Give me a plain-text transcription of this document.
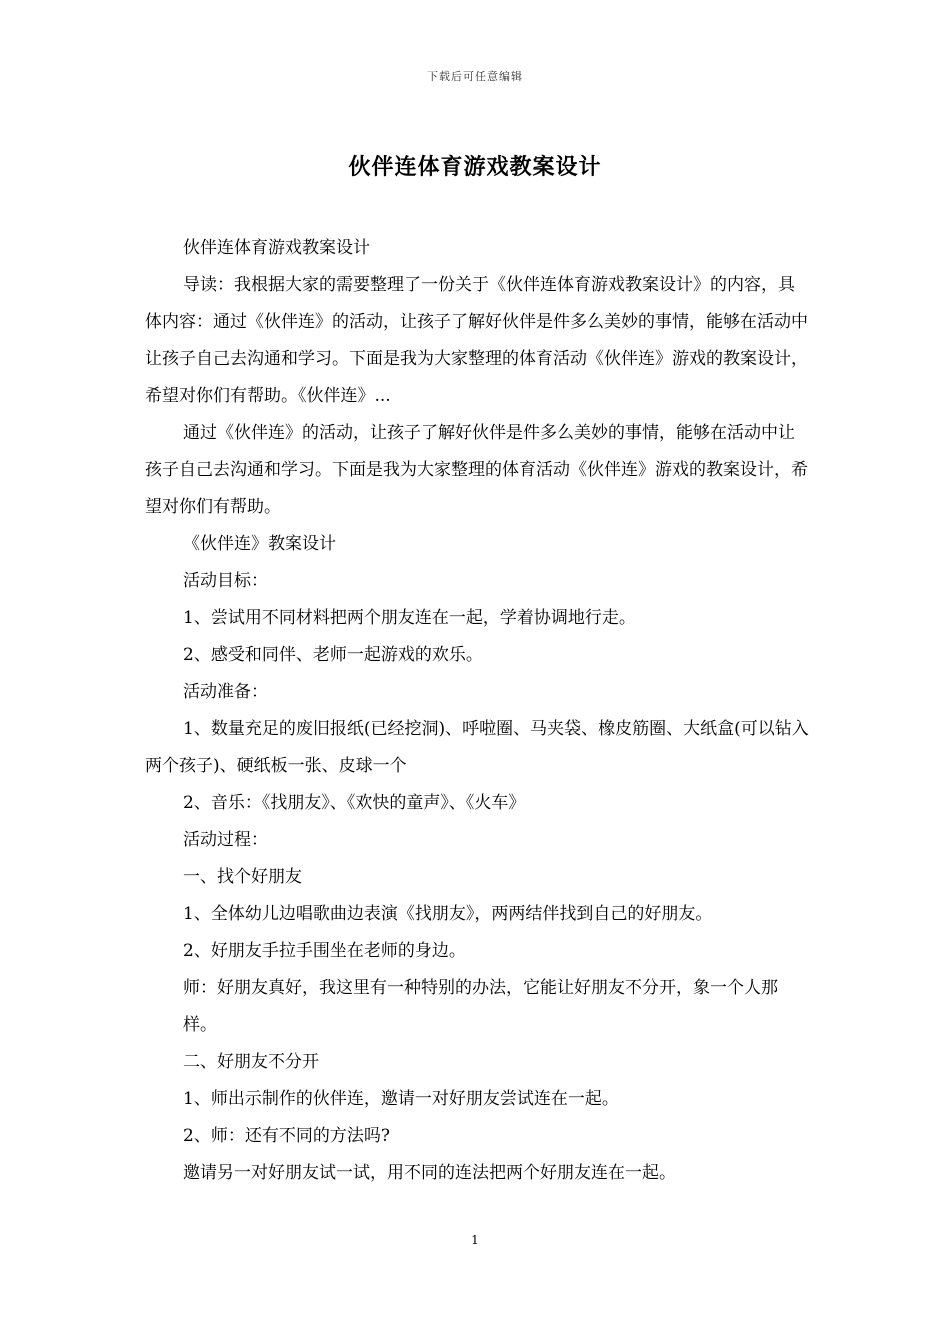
下载后可任意编辑
伙伴连体育游戏教案设计

伙伴连体育游戏教案设计

导读：我根据大家的需要整理了一份关于《伙伴连体育游戏教案设计》的内容，具体内容：通过《伙伴连》的活动，让孩子了解好伙伴是件多么美妙的事情，能够在活动中让孩子自己去沟通和学习。下面是我为大家整理的体育活动《伙伴连》游戏的教案设计，希望对你们有帮助。《伙伴连》...

通过《伙伴连》的活动，让孩子了解好伙伴是件多么美妙的事情，能够在活动中让孩子自己去沟通和学习。下面是我为大家整理的体育活动《伙伴连》游戏的教案设计，希望对你们有帮助。

《伙伴连》教案设计

活动目标：

1、尝试用不同材料把两个朋友连在一起，学着协调地行走。

2、感受和同伴、老师一起游戏的欢乐。

活动准备：

1、数量充足的废旧报纸(已经挖洞)、呼啦圈、马夹袋、橡皮筋圈、大纸盒(可以钻入两个孩子)、硬纸板一张、皮球一个

2、音乐：《找朋友》、《欢快的童声》、《火车》

活动过程：

一、找个好朋友

1、全体幼儿边唱歌曲边表演《找朋友》，两两结伴找到自己的好朋友。

2、好朋友手拉手围坐在老师的身边。

师：好朋友真好，我这里有一种特别的办法，它能让好朋友不分开，象一个人那样。

二、好朋友不分开

1、师出示制作的伙伴连，邀请一对好朋友尝试连在一起。

2、师：还有不同的方法吗?

邀请另一对好朋友试一试，用不同的连法把两个好朋友连在一起。

1
